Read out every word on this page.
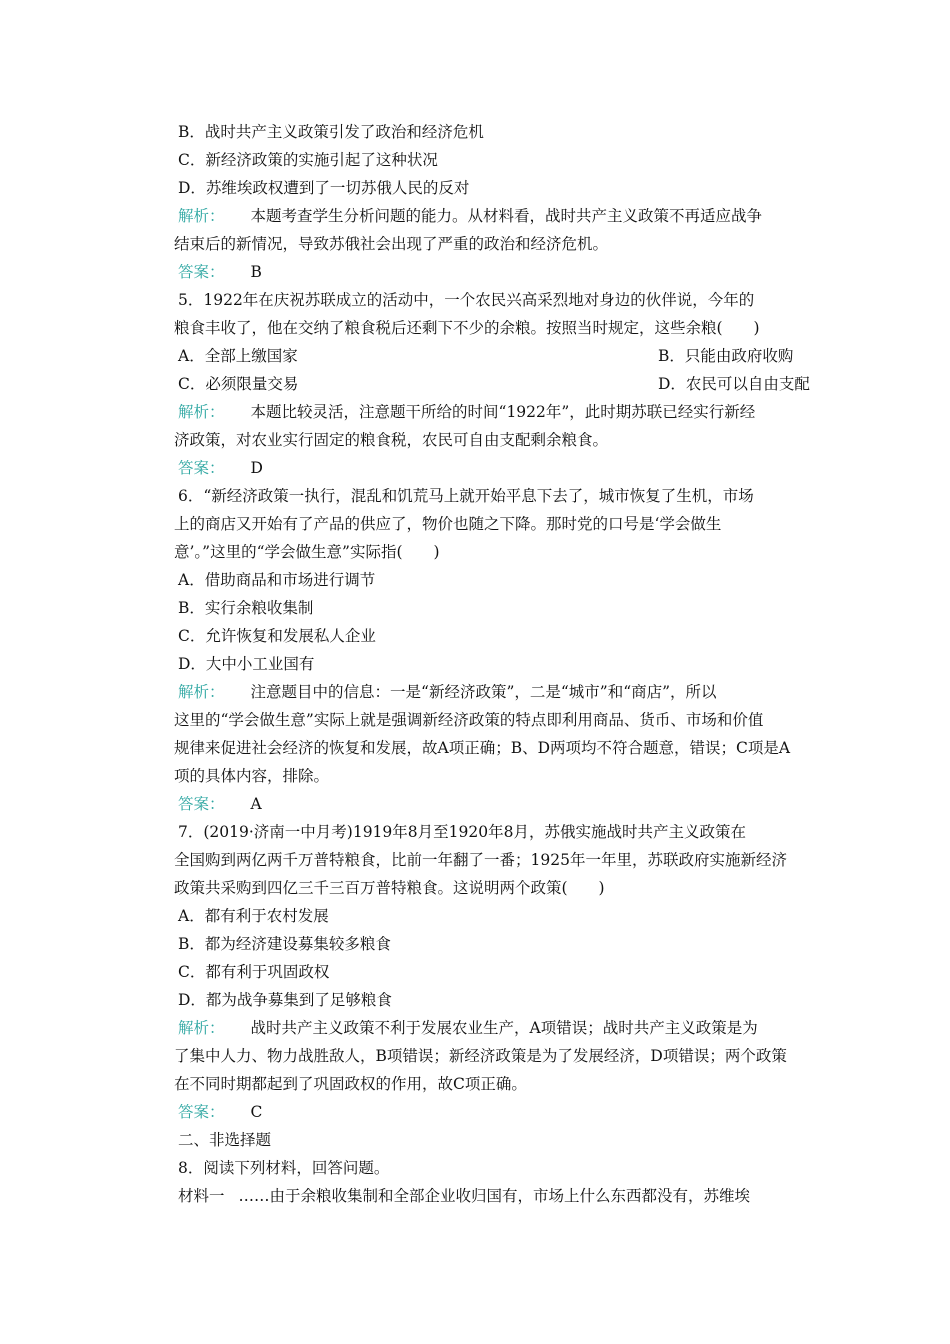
B．战时共产主义政策引发了政治和经济危机
C．新经济政策的实施引起了这种状况
D．苏维埃政权遭到了一切苏俄人民的反对
解析： 本题考查学生分析问题的能力。从材料看，战时共产主义政策不再适应战争
结束后的新情况，导致苏俄社会出现了严重的政治和经济危机。
答案： B
5．1922年在庆祝苏联成立的活动中，一个农民兴高采烈地对身边的伙伴说，今年的
粮食丰收了，他在交纳了粮食税后还剩下不少的余粮。按照当时规定，这些余粮(　　)
A．全部上缴国家	B．只能由政府收购
C．必须限量交易	D．农民可以自由支配
解析： 本题比较灵活，注意题干所给的时间“1922年”，此时期苏联已经实行新经
济政策，对农业实行固定的粮食税，农民可自由支配剩余粮食。
答案： D
6．“新经济政策一执行，混乱和饥荒马上就开始平息下去了，城市恢复了生机，市场
上的商店又开始有了产品的供应了，物价也随之下降。那时党的口号是‘学会做生
意’。”这里的“学会做生意”实际指(　　)
A．借助商品和市场进行调节
B．实行余粮收集制
C．允许恢复和发展私人企业
D．大中小工业国有
解析： 注意题目中的信息：一是“新经济政策”，二是“城市”和“商店”，所以
这里的“学会做生意”实际上就是强调新经济政策的特点即利用商品、货币、市场和价值
规律来促进社会经济的恢复和发展，故A项正确；B、D两项均不符合题意，错误；C项是A
项的具体内容，排除。
答案： A
7．(2019·济南一中月考)1919年8月至1920年8月，苏俄实施战时共产主义政策在
全国购到两亿两千万普特粮食，比前一年翻了一番；1925年一年里，苏联政府实施新经济
政策共采购到四亿三千三百万普特粮食。这说明两个政策(　　)
A．都有利于农村发展
B．都为经济建设募集较多粮食
C．都有利于巩固政权
D．都为战争募集到了足够粮食
解析： 战时共产主义政策不利于发展农业生产，A项错误；战时共产主义政策是为
了集中人力、物力战胜敌人，B项错误；新经济政策是为了发展经济，D项错误；两个政策
在不同时期都起到了巩固政权的作用，故C项正确。
答案： C
二、非选择题
8．阅读下列材料，回答问题。
材料一 ……由于余粮收集制和全部企业收归国有，市场上什么东西都没有，苏维埃
